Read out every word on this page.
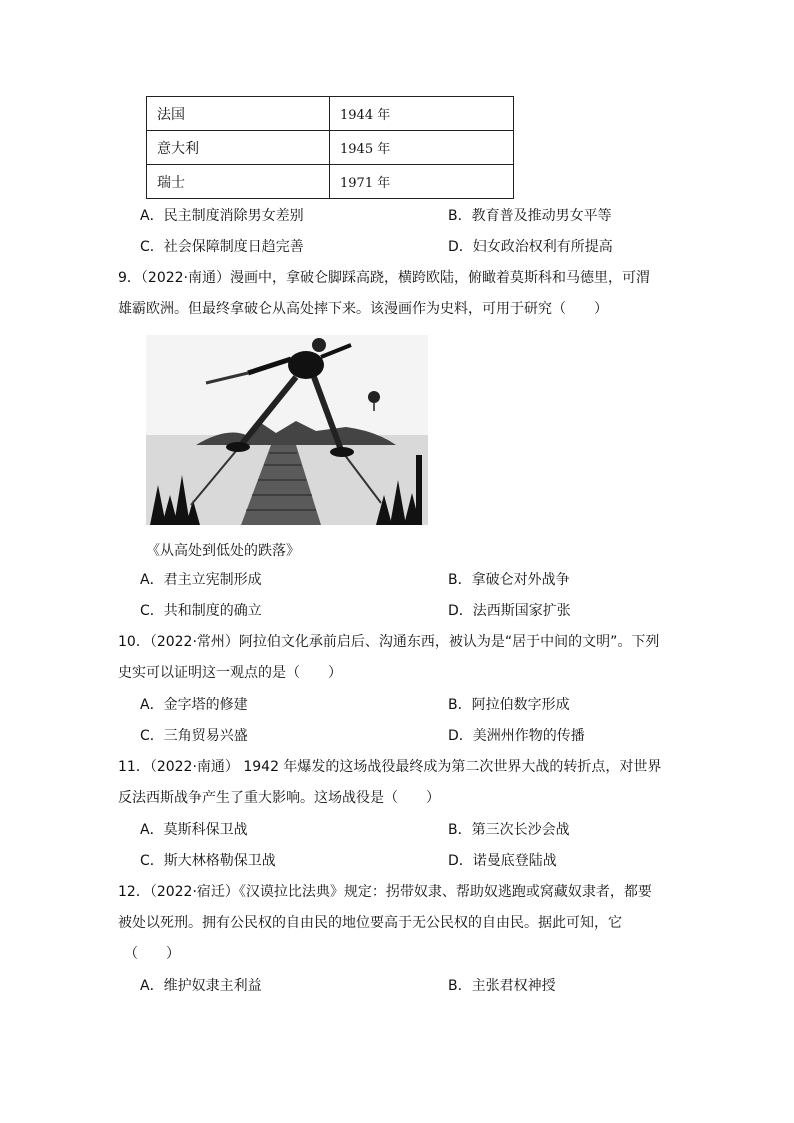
法国	1944 年
意大利	1945 年
瑞士	1971 年
A．民主制度消除男女差别	B．教育普及推动男女平等
C．社会保障制度日趋完善	D．妇女政治权利有所提高
9．（2022·南通）漫画中，拿破仑脚踩高跷，横跨欧陆，俯瞰着莫斯科和马德里，可渭
雄霸欧洲。但最终拿破仑从高处摔下来。该漫画作为史料，可用于研究（　　）
《从高处到低处的跌落》
A．君主立宪制形成	B．拿破仑对外战争
C．共和制度的确立	D．法西斯国家扩张
10．（2022·常州）阿拉伯文化承前启后、沟通东西，被认为是“居于中间的文明”。下列
史实可以证明这一观点的是（　　）
A．金字塔的修建	B．阿拉伯数字形成
C．三角贸易兴盛	D．美洲州作物的传播
11．（2022·南通） 1942 年爆发的这场战役最终成为第二次世界大战的转折点，对世界
反法西斯战争产生了重大影响。这场战役是（　　）
A．莫斯科保卫战	B．第三次长沙会战
C．斯大林格勒保卫战	D．诺曼底登陆战
12．（2022·宿迁）《汉谟拉比法典》规定：拐带奴隶、帮助奴逃跑或窝藏奴隶者，都要
被处以死刑。拥有公民权的自由民的地位要高于无公民权的自由民。据此可知，它
（　　）
A．维护奴隶主利益	B．主张君权神授
